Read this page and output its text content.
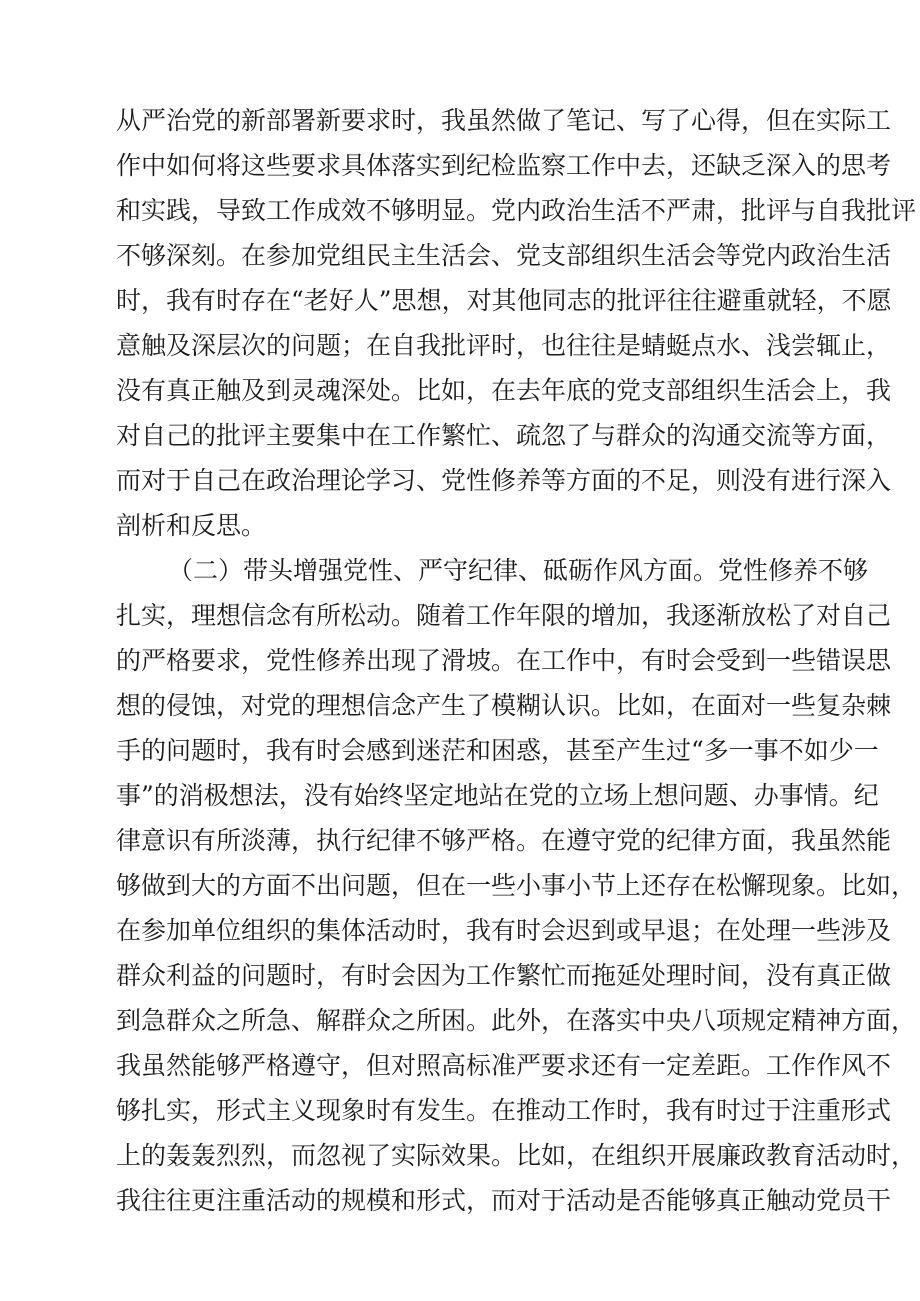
从严治党的新部署新要求时，我虽然做了笔记、写了心得，但在实际工
作中如何将这些要求具体落实到纪检监察工作中去，还缺乏深入的思考
和实践，导致工作成效不够明显。党内政治生活不严肃，批评与自我批评
不够深刻。在参加党组民主生活会、党支部组织生活会等党内政治生活
时，我有时存在“老好人”思想，对其他同志的批评往往避重就轻，不愿
意触及深层次的问题；在自我批评时，也往往是蜻蜓点水、浅尝辄止，
没有真正触及到灵魂深处。比如，在去年底的党支部组织生活会上，我
对自己的批评主要集中在工作繁忙、疏忽了与群众的沟通交流等方面，
而对于自己在政治理论学习、党性修养等方面的不足，则没有进行深入
剖析和反思。
（二）带头增强党性、严守纪律、砥砺作风方面。党性修养不够
扎实，理想信念有所松动。随着工作年限的增加，我逐渐放松了对自己
的严格要求，党性修养出现了滑坡。在工作中，有时会受到一些错误思
想的侵蚀，对党的理想信念产生了模糊认识。比如，在面对一些复杂棘
手的问题时，我有时会感到迷茫和困惑，甚至产生过“多一事不如少一
事”的消极想法，没有始终坚定地站在党的立场上想问题、办事情。纪
律意识有所淡薄，执行纪律不够严格。在遵守党的纪律方面，我虽然能
够做到大的方面不出问题，但在一些小事小节上还存在松懈现象。比如，
在参加单位组织的集体活动时，我有时会迟到或早退；在处理一些涉及
群众利益的问题时，有时会因为工作繁忙而拖延处理时间，没有真正做
到急群众之所急、解群众之所困。此外，在落实中央八项规定精神方面，
我虽然能够严格遵守，但对照高标准严要求还有一定差距。工作作风不
够扎实，形式主义现象时有发生。在推动工作时，我有时过于注重形式
上的轰轰烈烈，而忽视了实际效果。比如，在组织开展廉政教育活动时，
我往往更注重活动的规模和形式，而对于活动是否能够真正触动党员干
